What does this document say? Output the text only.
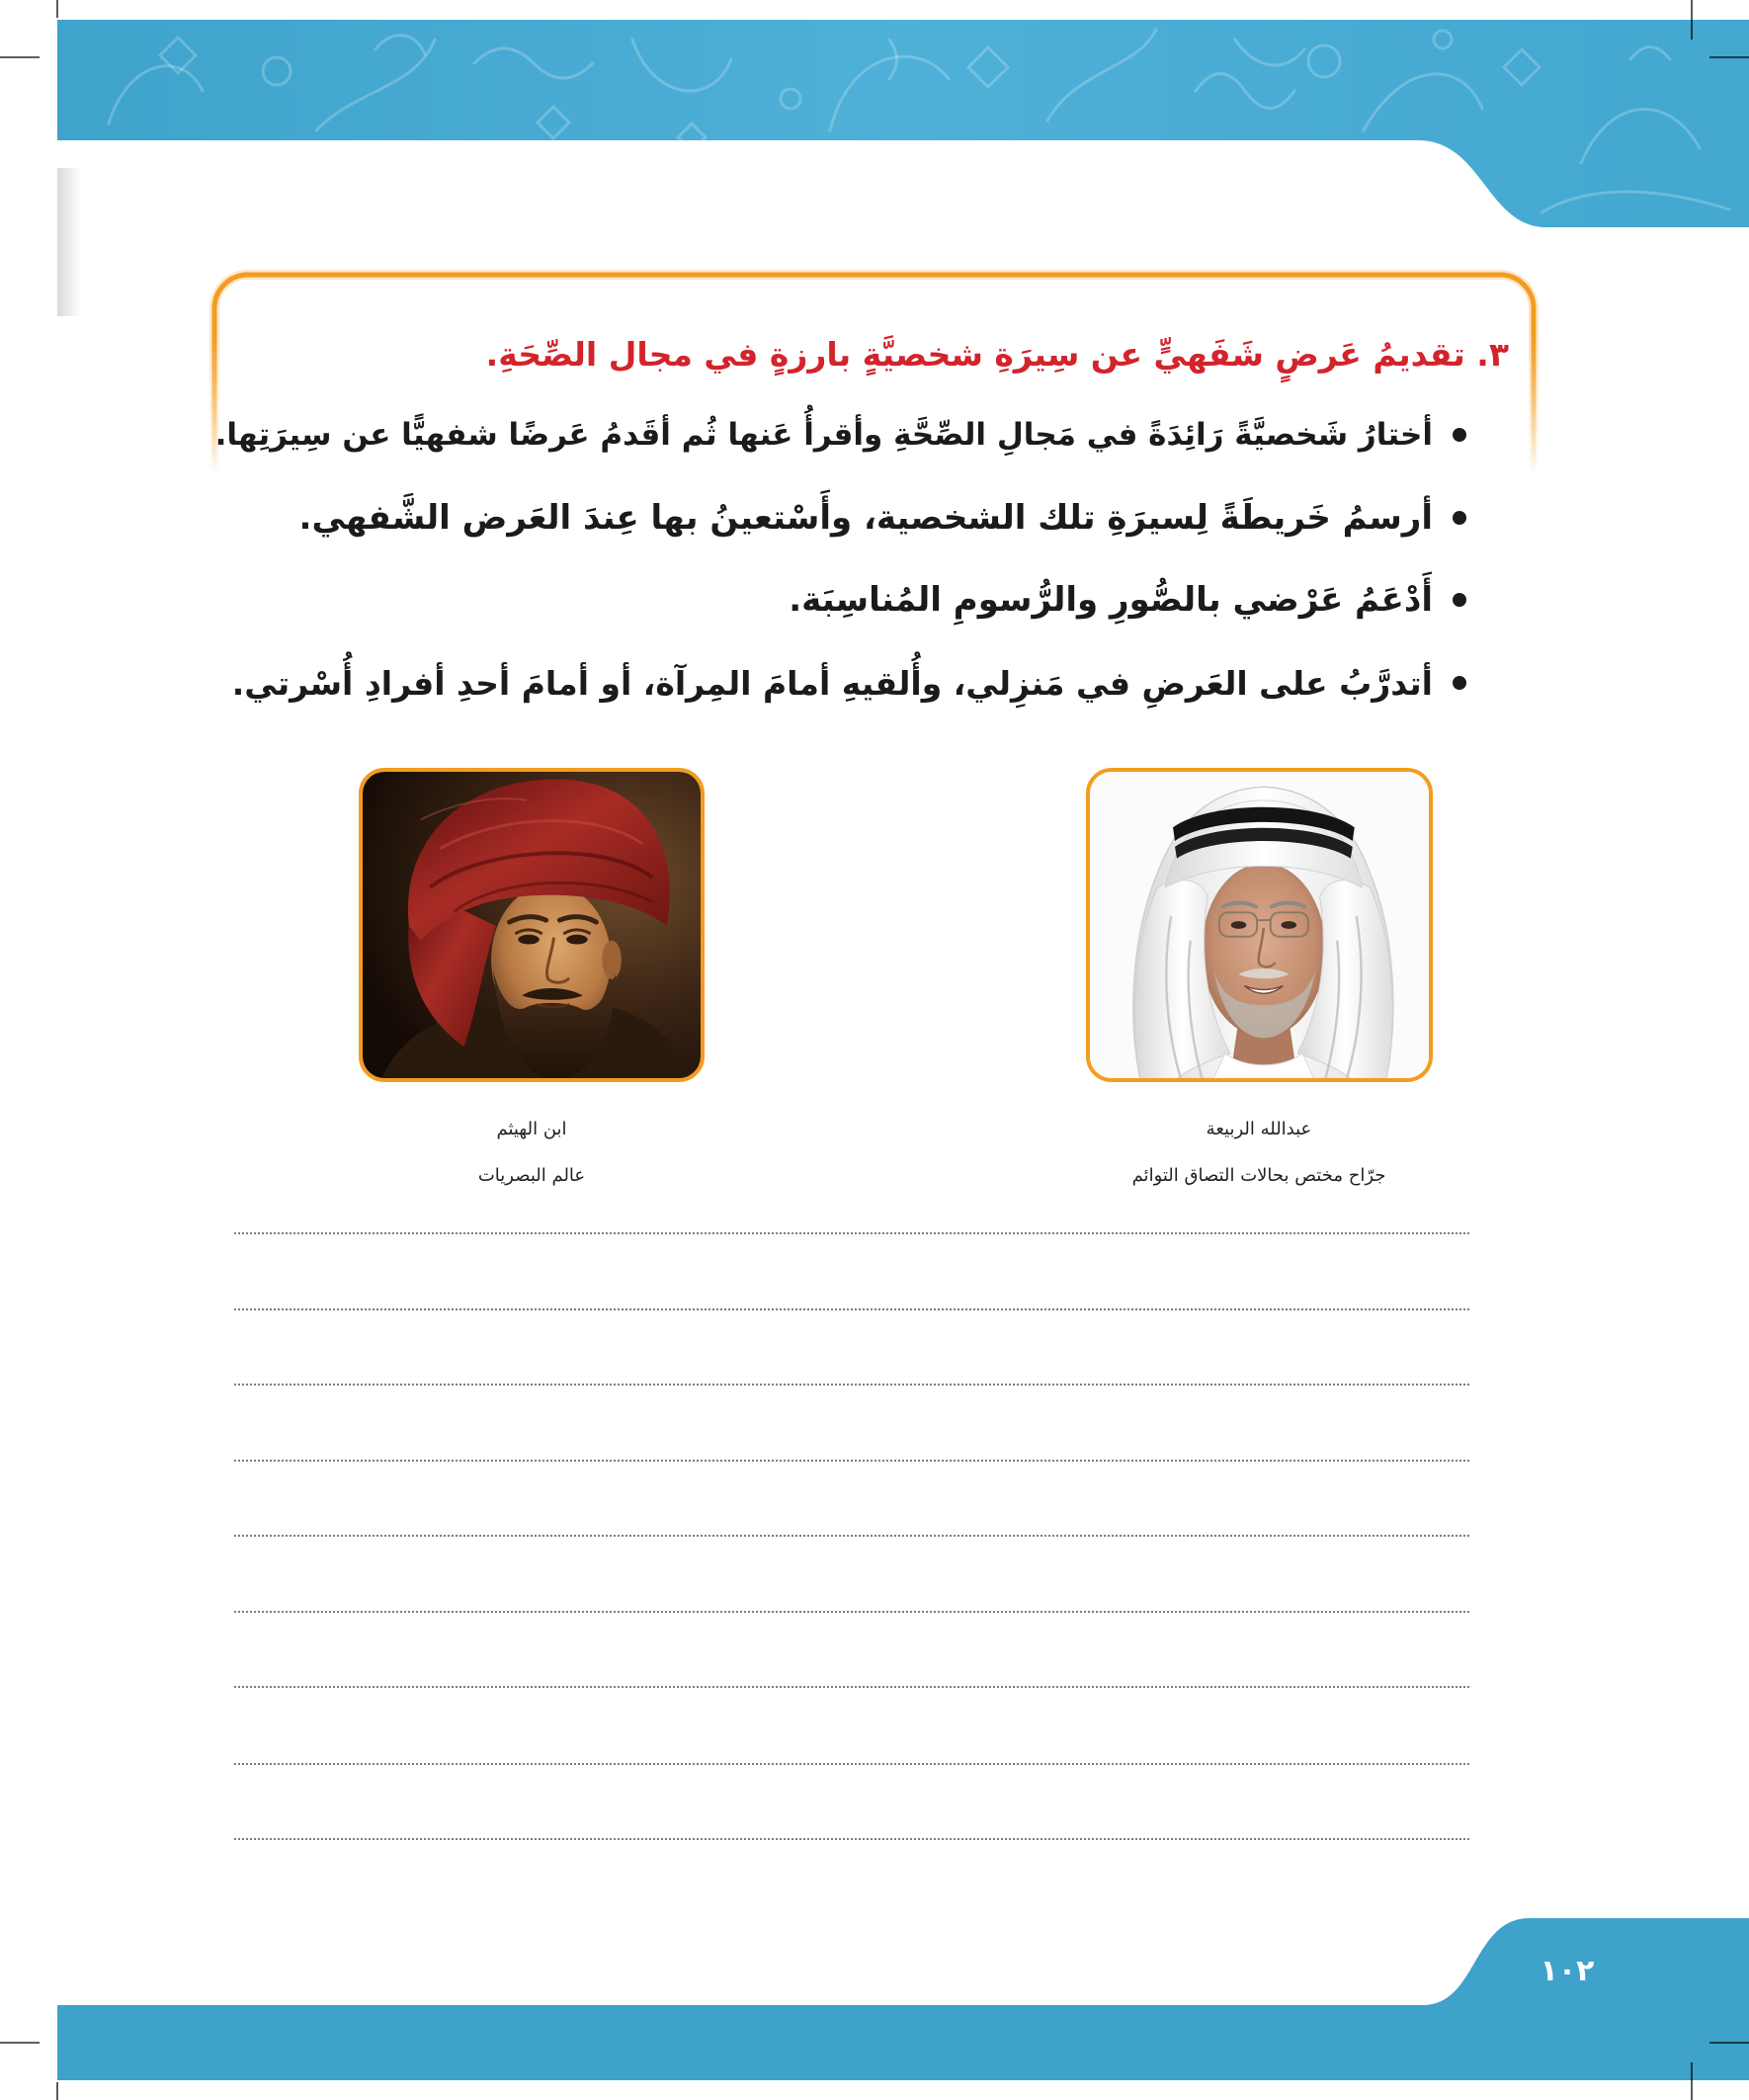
٣. تقديمُ عَرضٍ شَفَهيٍّ عن سِيرَةِ شخصيَّةٍ بارزةٍ في مجال الصِّحَةِ.
أختارُ شَخصيَّةً رَائِدَةً في مَجالِ الصِّحَّةِ وأقرأُ عَنها ثُم أقَدمُ عَرضًا شفهيًّا عن سِيرَتِها.
أرسمُ خَريطَةً لِسيرَةِ تلك الشخصية، وأَسْتعينُ بها عِندَ العَرض الشَّفهي.
أَدْعَمُ عَرْضي بالصُّورِ والرُّسومِ المُناسِبَة.
أتدرَّبُ على العَرضِ في مَنزِلي، وأُلقيهِ أمامَ المِرآة، أو أمامَ أحدِ أفرادِ أُسْرتي.
عبدالله الربيعة
جرّاح مختص بحالات التصاق التوائم
ابن الهيثم
عالم البصريات
١٠٢
